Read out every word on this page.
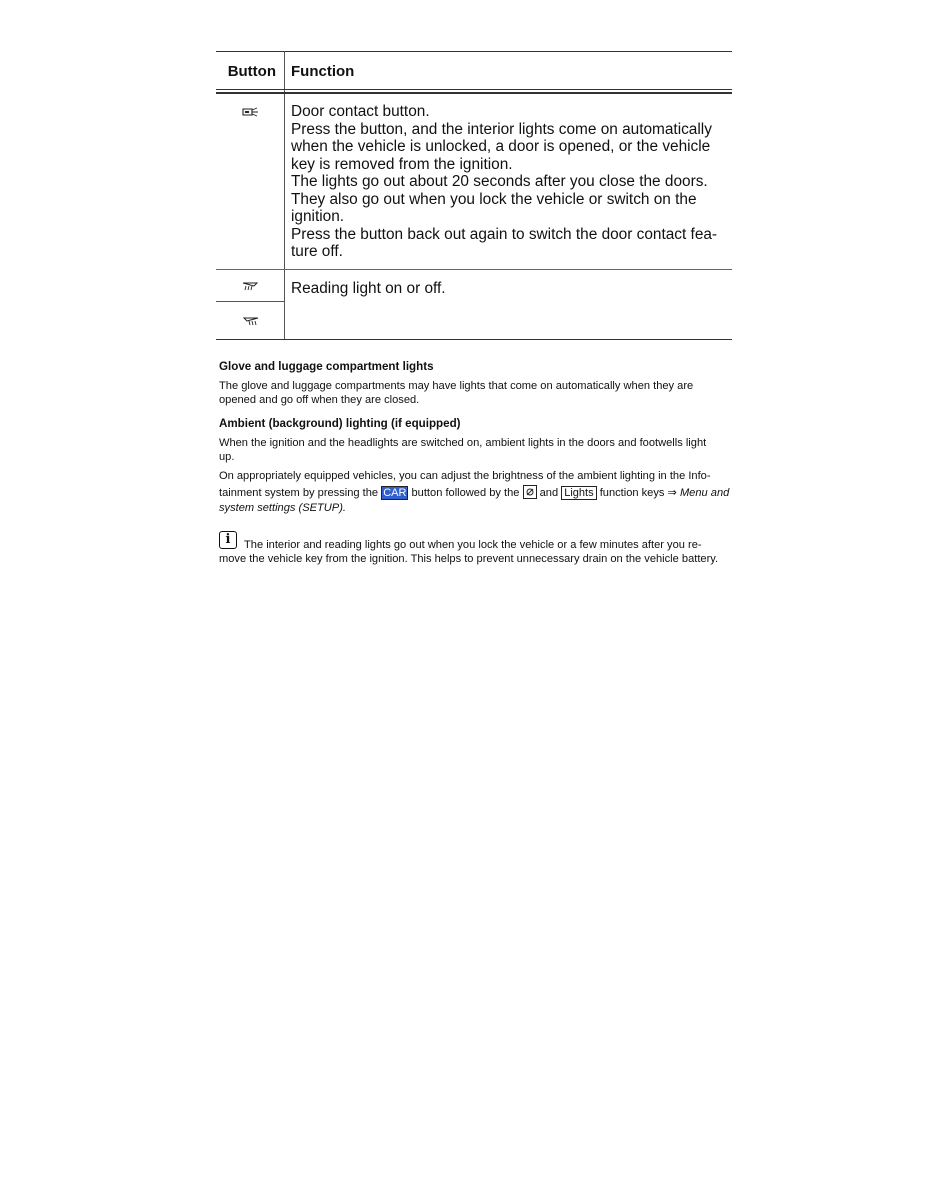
Button Function
Door contact button.
Press the button, and the interior lights come on automatically
when the vehicle is unlocked, a door is opened, or the vehicle
key is removed from the ignition.
The lights go out about 20 seconds after you close the doors.
They also go out when you lock the vehicle or switch on the
ignition.
Press the button back out again to switch the door contact fea-
ture off.
Reading light on or off.
Glove and luggage compartment lights
The glove and luggage compartments may have lights that come on automatically when they are
opened and go off when they are closed.
Ambient (background) lighting (if equipped)
When the ignition and the headlights are switched on, ambient lights in the doors and footwells light
up.
On appropriately equipped vehicles, you can adjust the brightness of the ambient lighting in the Info-
tainment system by pressing the CAR button followed by the and Lights function keys ⇒ Menu and
system settings (SETUP).
i	The interior and reading lights go out when you lock the vehicle or a few minutes after you re-
move the vehicle key from the ignition. This helps to prevent unnecessary drain on the vehicle battery.
